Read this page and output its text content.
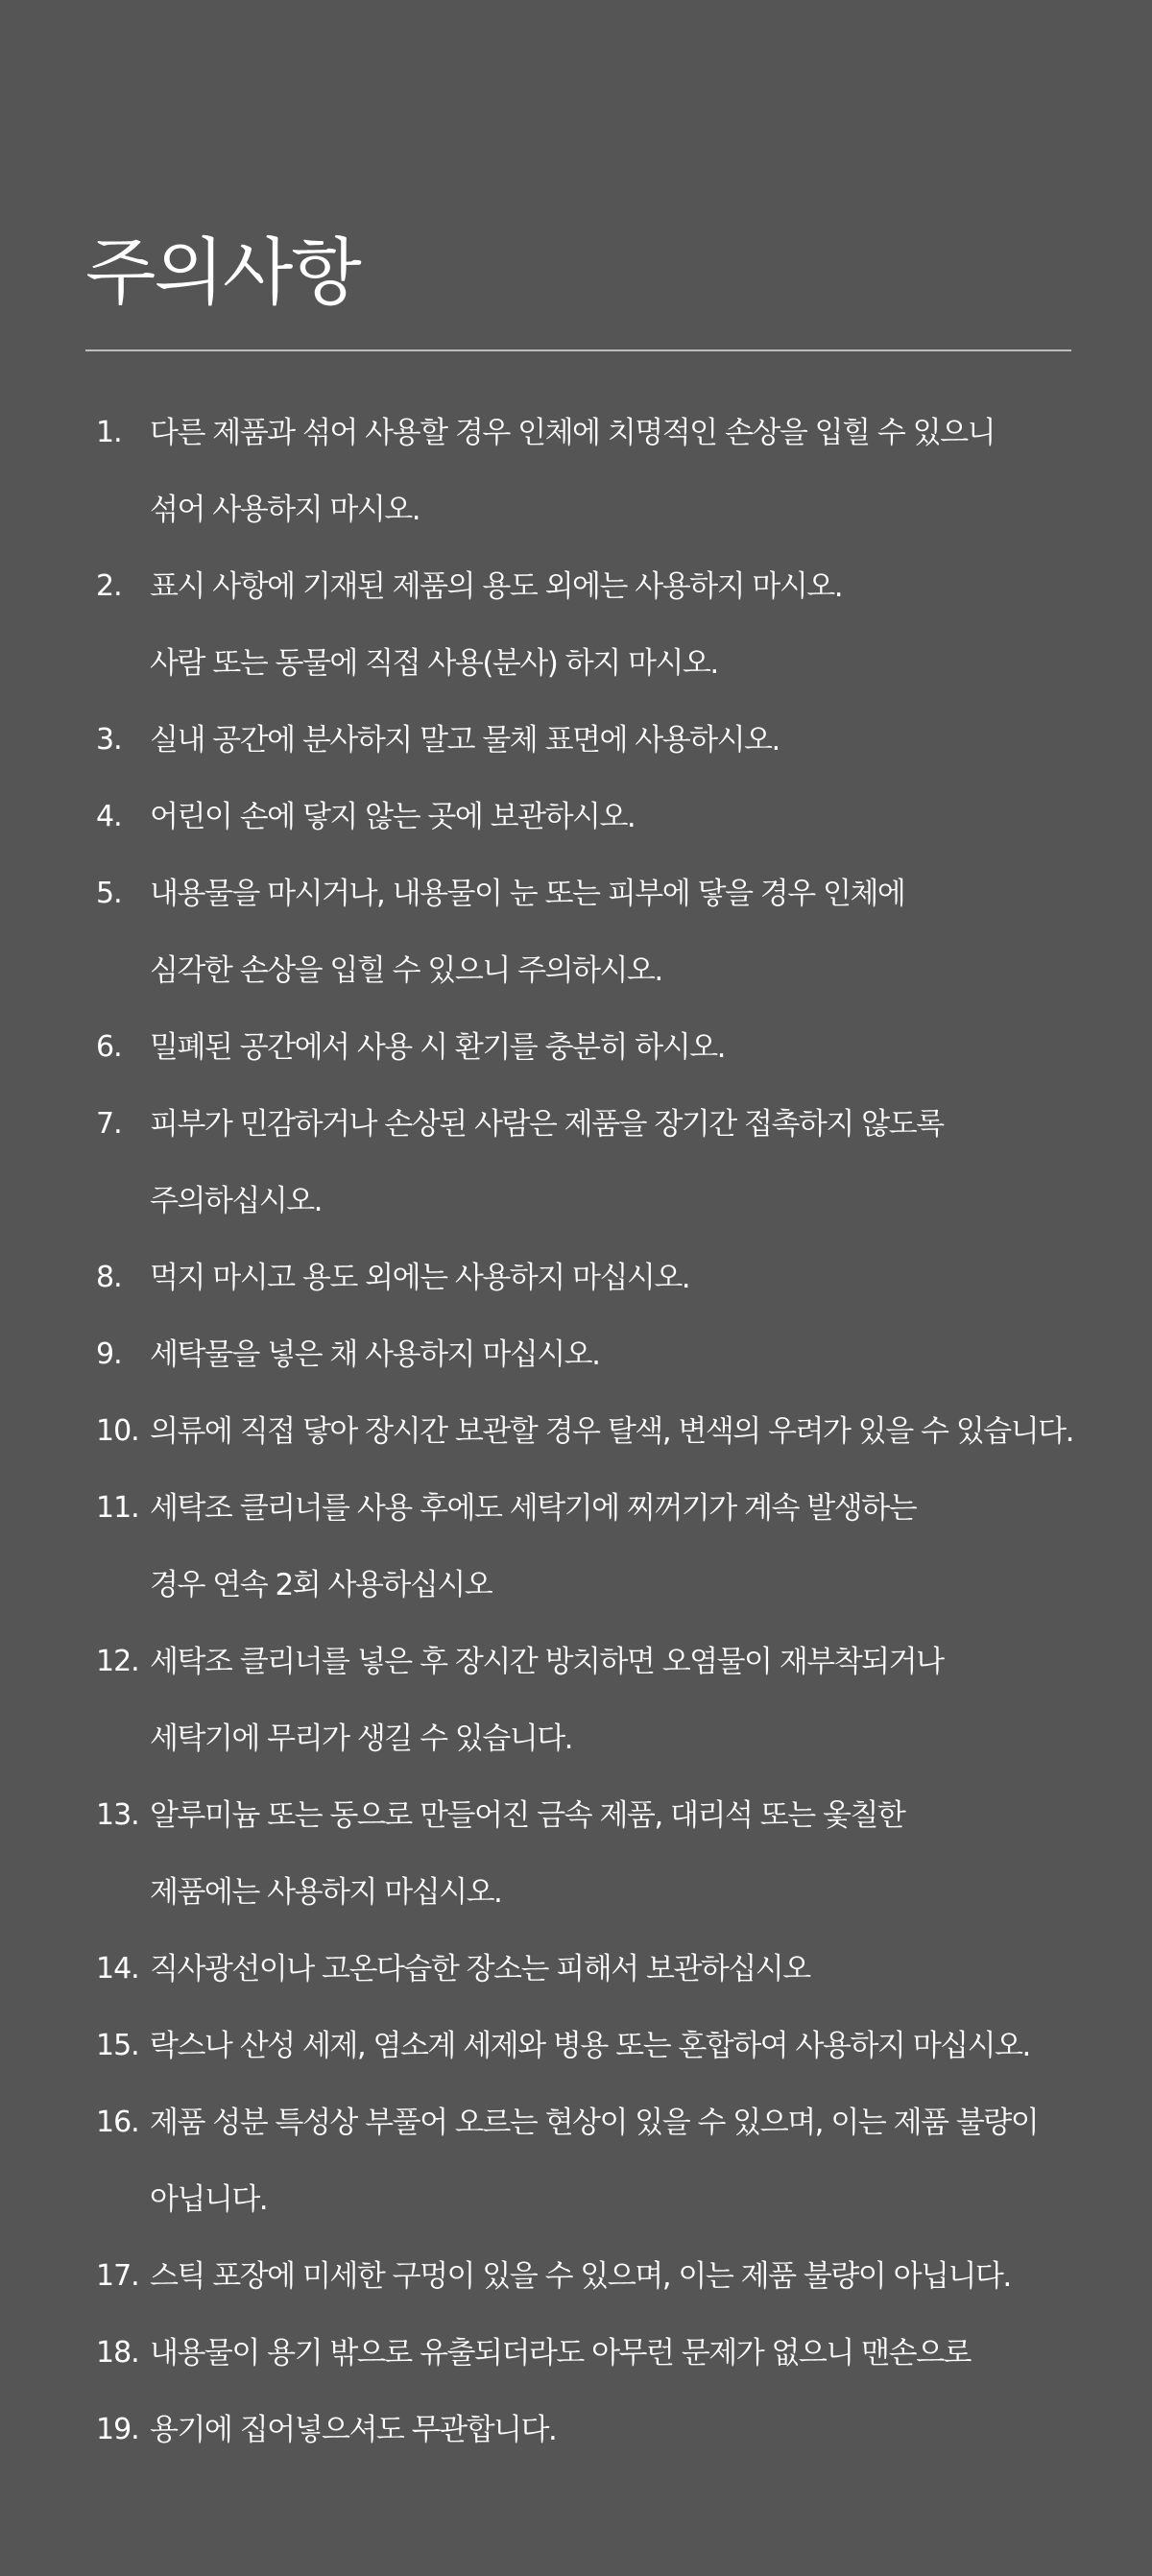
주의사항
1. 다른 제품과 섞어 사용할 경우 인체에 치명적인 손상을 입힐 수 있으니
섞어 사용하지 마시오.
2. 표시 사항에 기재된 제품의 용도 외에는 사용하지 마시오.
사람 또는 동물에 직접 사용(분사) 하지 마시오.
3. 실내 공간에 분사하지 말고 물체 표면에 사용하시오.
4. 어린이 손에 닿지 않는 곳에 보관하시오.
5. 내용물을 마시거나, 내용물이 눈 또는 피부에 닿을 경우 인체에
심각한 손상을 입힐 수 있으니 주의하시오.
6. 밀폐된 공간에서 사용 시 환기를 충분히 하시오.
7. 피부가 민감하거나 손상된 사람은 제품을 장기간 접촉하지 않도록
주의하십시오.
8. 먹지 마시고 용도 외에는 사용하지 마십시오.
9. 세탁물을 넣은 채 사용하지 마십시오.
10. 의류에 직접 닿아 장시간 보관할 경우 탈색, 변색의 우려가 있을 수 있습니다.
11. 세탁조 클리너를 사용 후에도 세탁기에 찌꺼기가 계속 발생하는
경우 연속 2회 사용하십시오
12. 세탁조 클리너를 넣은 후 장시간 방치하면 오염물이 재부착되거나
세탁기에 무리가 생길 수 있습니다.
13. 알루미늄 또는 동으로 만들어진 금속 제품, 대리석 또는 옻칠한
제품에는 사용하지 마십시오.
14. 직사광선이나 고온다습한 장소는 피해서 보관하십시오
15. 락스나 산성 세제, 염소계 세제와 병용 또는 혼합하여 사용하지 마십시오.
16. 제품 성분 특성상 부풀어 오르는 현상이 있을 수 있으며, 이는 제품 불량이
아닙니다.
17. 스틱 포장에 미세한 구멍이 있을 수 있으며, 이는 제품 불량이 아닙니다.
18. 내용물이 용기 밖으로 유출되더라도 아무런 문제가 없으니 맨손으로
19. 용기에 집어넣으셔도 무관합니다.
